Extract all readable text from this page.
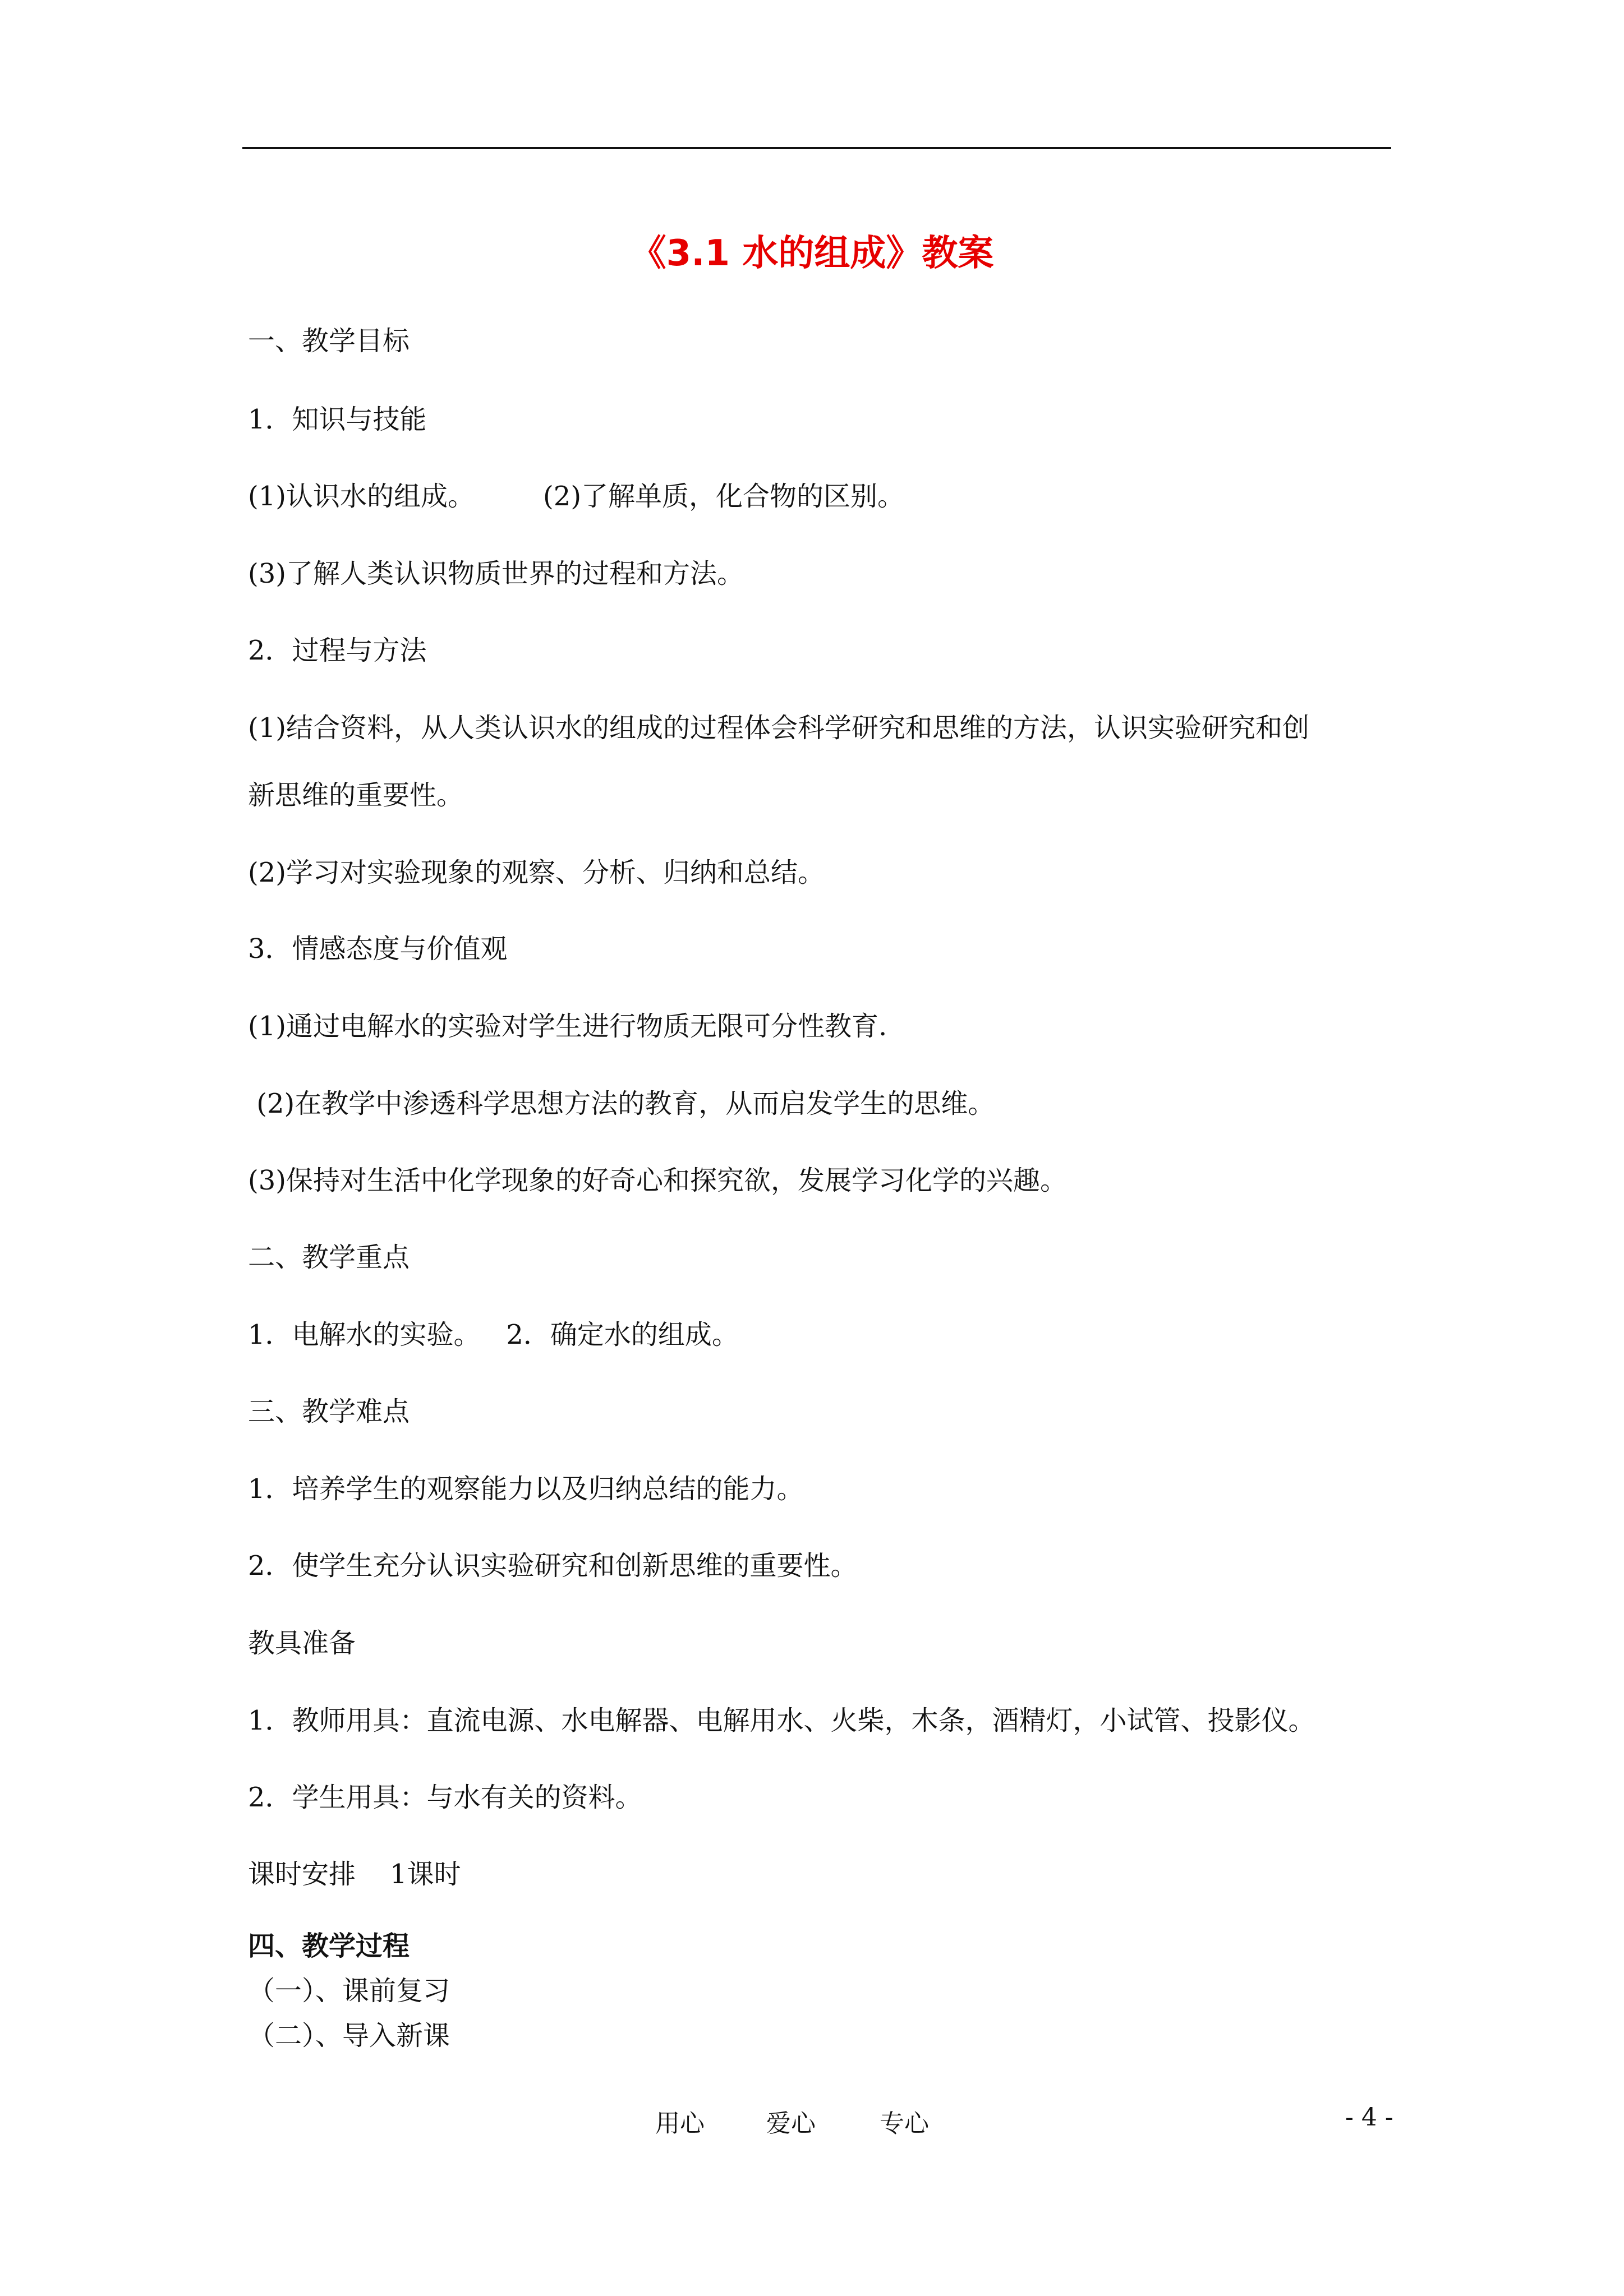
《3.1 水的组成》教案
一、教学目标
1．知识与技能
(1)认识水的组成。        (2)了解单质，化合物的区别。
(3)了解人类认识物质世界的过程和方法。
2．过程与方法
(1)结合资料，从人类认识水的组成的过程体会科学研究和思维的方法，认识实验研究和创
新思维的重要性。
(2)学习对实验现象的观察、分析、归纳和总结。
3．情感态度与价值观
(1)通过电解水的实验对学生进行物质无限可分性教育.
(2)在教学中渗透科学思想方法的教育，从而启发学生的思维。
(3)保持对生活中化学现象的好奇心和探究欲，发展学习化学的兴趣。
二、教学重点
1．电解水的实验。   2．确定水的组成。
三、教学难点
1．培养学生的观察能力以及归纳总结的能力。
2．使学生充分认识实验研究和创新思维的重要性。
教具准备
1．教师用具：直流电源、水电解器、电解用水、火柴，木条，酒精灯，小试管、投影仪。
2．学生用具：与水有关的资料。
课时安排    1课时
四、教学过程
（一）、课前复习
（二）、导入新课
用心	爱心	专心	- 4 -
